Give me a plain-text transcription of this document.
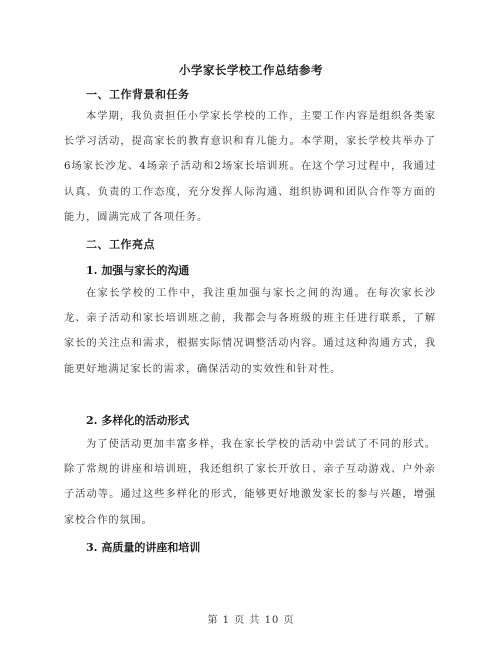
小学家长学校工作总结参考
一、工作背景和任务
本学期，我负责担任小学家长学校的工作，主要工作内容是组织各类家长学习活动，提高家长的教育意识和育儿能力。本学期，家长学校共举办了6场家长沙龙、4场亲子活动和2场家长培训班。在这个学习过程中，我通过认真、负责的工作态度，充分发挥人际沟通、组织协调和团队合作等方面的能力，圆满完成了各项任务。
二、工作亮点
1. 加强与家长的沟通
在家长学校的工作中，我注重加强与家长之间的沟通。在每次家长沙龙、亲子活动和家长培训班之前，我都会与各班级的班主任进行联系，了解家长的关注点和需求，根据实际情况调整活动内容。通过这种沟通方式，我能更好地满足家长的需求，确保活动的实效性和针对性。
2. 多样化的活动形式
为了使活动更加丰富多样，我在家长学校的活动中尝试了不同的形式。除了常规的讲座和培训班，我还组织了家长开放日、亲子互动游戏、户外亲子活动等。通过这些多样化的形式，能够更好地激发家长的参与兴趣，增强家校合作的氛围。
3. 高质量的讲座和培训
第 1 页 共 10 页
